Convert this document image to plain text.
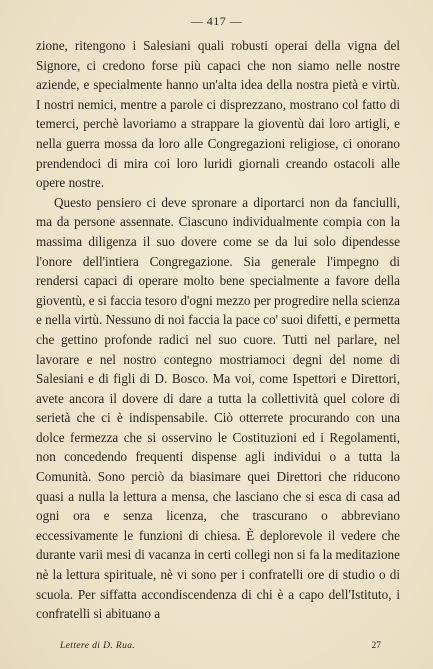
— 417 —

zione, ritengono i Salesiani quali robusti operai della vigna del Signore, ci credono forse più capaci che non siamo nelle nostre aziende, e specialmente hanno un'alta idea della nostra pietà e virtù. I nostri nemici, mentre a parole ci disprezzano, mostrano col fatto di temerci, perchè lavoriamo a strappare la gioventù dai loro artigli, e nella guerra mossa da loro alle Congregazioni religiose, ci onorano prendendoci di mira coi loro luridi giornali creando ostacoli alle opere nostre.

Questo pensiero ci deve spronare a diportarci non da fanciulli, ma da persone assennate. Ciascuno individualmente compia con la massima diligenza il suo dovere come se da lui solo dipendesse l'onore dell'intiera Congregazione. Sia generale l'impegno di rendersi capaci di operare molto bene specialmente a favore della gioventù, e si faccia tesoro d'ogni mezzo per progredire nella scienza e nella virtù. Nessuno di noi faccia la pace co' suoi difetti, e permetta che gettino profonde radici nel suo cuore. Tutti nel parlare, nel lavorare e nel nostro contegno mostriamoci degni del nome di Salesiani e di figli di D. Bosco. Ma voi, come Ispettori e Direttori, avete ancora il dovere di dare a tutta la collettività quel colore di serietà che ci è indispensabile. Ciò otterrete procurando con una dolce fermezza che si osservino le Costituzioni ed i Regolamenti, non concedendo frequenti dispense agli individui o a tutta la Comunità. Sono perciò da biasimare quei Direttori che riducono quasi a nulla la lettura a mensa, che lasciano che si esca di casa ad ogni ora e senza licenza, che trascurano o abbreviano eccessivamente le funzioni di chiesa. È deplorevole il vedere che durante varii mesi di vacanza in certi collegi non si fa la meditazione nè la lettura spirituale, nè vi sono per i confratelli ore di studio o di scuola. Per siffatta accondiscendenza di chi è a capo dell'Istituto, i confratelli si abituano a

Lettere di D. Rua.	27
